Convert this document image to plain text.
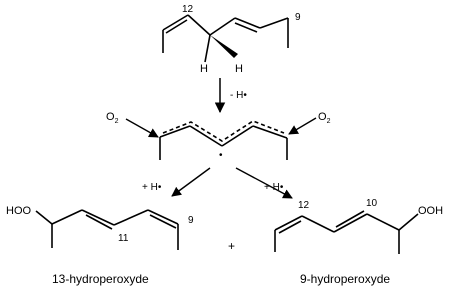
12
9
H H
- H•
•
$O_2$	$O_2$
+ H•	+ H•
HOO
11
9
13-hydroperoxyde
+
12	10
OOH
9-hydroperoxyde
